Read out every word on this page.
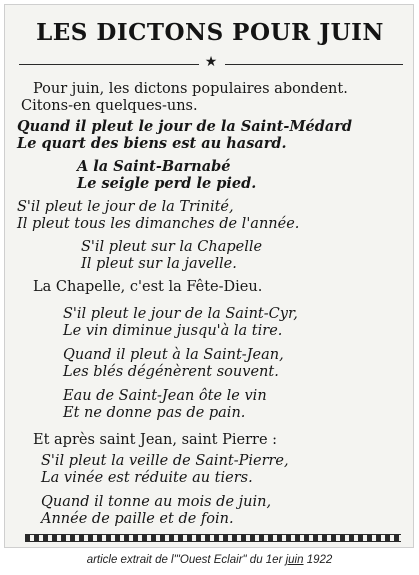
LES DICTONS POUR JUIN
★

Pour juin, les dictons populaires abondent.

Citons-en quelques-uns.

Quand il pleut le jour de la Saint-Médard

Le quart des biens est au hasard.

A la Saint-Barnabé

Le seigle perd le pied.

S'il pleut le jour de la Trinité,

Il pleut tous les dimanches de l'année.

S'il pleut sur la Chapelle

Il pleut sur la javelle.

La Chapelle, c'est la Fête-Dieu.

S'il pleut le jour de la Saint-Cyr,

Le vin diminue jusqu'à la tire.

Quand il pleut à la Saint-Jean,

Les blés dégénèrent souvent.

Eau de Saint-Jean ôte le vin

Et ne donne pas de pain.

Et après saint Jean, saint Pierre :

S'il pleut la veille de Saint-Pierre,

La vinée est réduite au tiers.

Quand il tonne au mois de juin,

Année de paille et de foin.

article extrait de l'"Ouest Eclair" du 1er juin 1922
